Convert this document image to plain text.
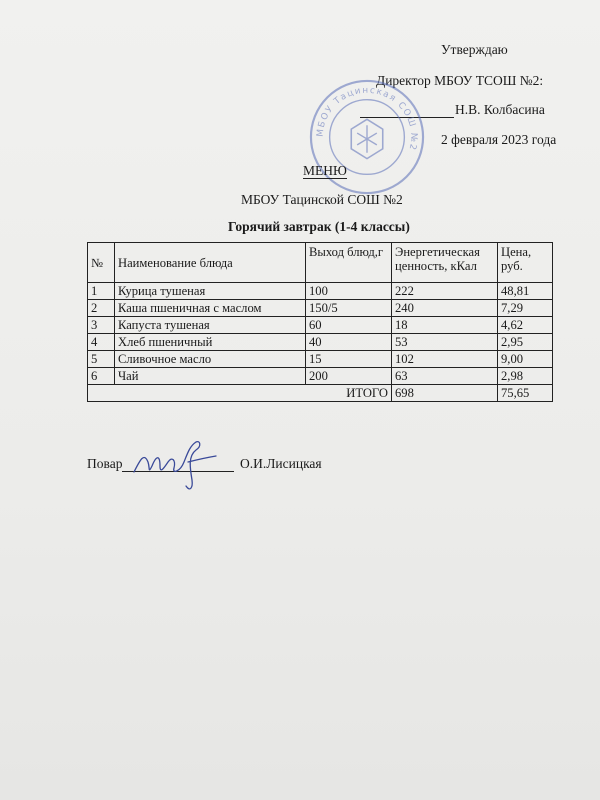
Утверждаю
Директор МБОУ ТСОШ №2:
Н.В. Колбасина
2 февраля 2023 года
МБОУ Тацинская СОШ №2
МЕНЮ
МБОУ Тацинской СОШ №2
Горячий завтрак (1-4 классы)
№	Наименование блюда	Выход блюд,г	Энергетическая ценность, кКал	Цена, руб.
1	Курица тушеная	100	222	48,81
2	Каша пшеничная с маслом	150/5	240	7,29
3	Капуста тушеная	60	18	4,62
4	Хлеб пшеничный	40	53	2,95
5	Сливочное масло	15	102	9,00
6	Чай	200	63	2,98
ИТОГО			698	75,65
Повар	О.И.Лисицкая
